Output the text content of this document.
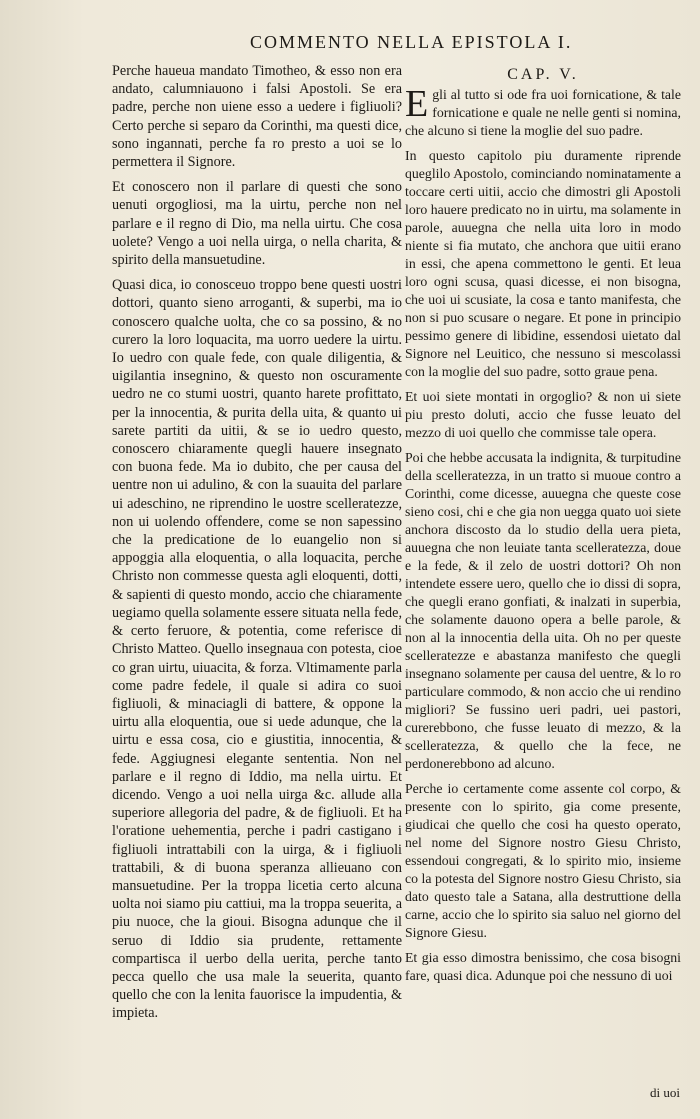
COMMENTO NELLA EPISTOLA I.

Perche haueua mandato Timotheo, & esso non era andato, calumniauono i falsi Apostoli. Se era padre, perche non uiene esso a uedere i figliuoli? Certo perche si separo da Corinthi, ma questi dice, sono ingannati, perche fa ro presto a uoi se lo permettera il Signore.

Et conoscero non il parlare di questi che sono uenuti orgogliosi, ma la uirtu, perche non nel parlare e il regno di Dio, ma nella uirtu. Che cosa uolete? Vengo a uoi nella uirga, o nella charita, & spirito della mansuetudine.

Quasi dica, io conosceuo troppo bene questi uostri dottori, quanto sieno arroganti, & superbi, ma io conoscero qualche uolta, che co sa possino, & no curero la loro loquacita, ma uorro uedere la uirtu. Io uedro con quale fede, con quale diligentia, & uigilantia insegnino, & questo non oscuramente uedro ne co stumi uostri, quanto harete profittato, per la innocentia, & purita della uita, & quanto ui sarete partiti da uitii, & se io uedro questo, conoscero chiaramente quegli hauere insegnato con buona fede. Ma io dubito, che per causa del uentre non ui adulino, & con la suauita del parlare ui adeschino, ne riprendino le uostre scelleratezze, non ui uolendo offendere, come se non sapessino che la predicatione de lo euangelio non si appoggia alla eloquentia, o alla loquacita, perche Christo non commesse questa agli eloquenti, dotti, & sapienti di questo mondo, accio che chiaramente uegiamo quella solamente essere situata nella fede, & certo feruore, & potentia, come referisce di Christo Matteo. Quello insegnaua con potesta, cioe co gran uirtu, uiuacita, & forza. Vltimamente parla come padre fedele, il quale si adira co suoi figliuoli, & minaciagli di battere, & oppone la uirtu alla eloquentia, oue si uede adunque, che la uirtu e essa cosa, cio e giustitia, innocentia, & fede. Aggiugnesi elegante sententia. Non nel parlare e il regno di Iddio, ma nella uirtu. Et dicendo. Vengo a uoi nella uirga &c. allude alla superiore allegoria del padre, & de figliuoli. Et ha l'oratione uehementia, perche i padri castigano i figliuoli intrattabili con la uirga, & i figliuoli trattabili, & di buona speranza allieuano con mansuetudine. Per la troppa licetia certo alcuna uolta noi siamo piu cattiui, ma la troppa seuerita, a piu nuoce, che la gioui. Bisogna adunque che il seruo di Iddio sia prudente, rettamente compartisca il uerbo della uerita, perche tanto pecca quello che usa male la seuerita, quanto quello che con la lenita fauorisce la impudentia, & impieta.

CAP. V.

Egli al tutto si ode fra uoi fornicatione, & tale fornicatione e quale ne nelle genti si nomina, che alcuno si tiene la moglie del suo padre.

In questo capitolo piu duramente riprende queglilo Apostolo, cominciando nominatamente a toccare certi uitii, accio che dimostri gli Apostoli loro hauere predicato no in uirtu, ma solamente in parole, auuegna che nella uita loro in modo niente si fia mutato, che anchora que uitii erano in essi, che apena commettono le genti. Et leua loro ogni scusa, quasi dicesse, ei non bisogna, che uoi ui scusiate, la cosa e tanto manifesta, che non si puo scusare o negare. Et pone in principio pessimo genere di libidine, essendosi uietato dal Signore nel Leuitico, che nessuno si mescolassi con la moglie del suo padre, sotto graue pena.

Et uoi siete montati in orgoglio? & non ui siete piu presto doluti, accio che fusse leuato del mezzo di uoi quello che commisse tale opera.

Poi che hebbe accusata la indignita, & turpitudine della scelleratezza, in un tratto si muoue contro a Corinthi, come dicesse, auuegna che queste cose sieno cosi, chi e che gia non uegga quato uoi siete anchora discosto da lo studio della uera pieta, auuegna che non leuiate tanta scelleratezza, doue e la fede, & il zelo de uostri dottori? Oh non intendete essere uero, quello che io dissi di sopra, che quegli erano gonfiati, & inalzati in superbia, che solamente dauono opera a belle parole, & non al la innocentia della uita. Oh no per queste scelleratezze e abastanza manifesto che quegli insegnano solamente per causa del uentre, & lo ro particulare commodo, & non accio che ui rendino migliori? Se fussino ueri padri, uei pastori, curerebbono, che fusse leuato di mezzo, & la scelleratezza, & quello che la fece, ne perdonerebbono ad alcuno.

Perche io certamente come assente col corpo, & presente con lo spirito, gia come presente, giudicai che quello che cosi ha questo operato, nel nome del Signore nostro Giesu Christo, essendoui congregati, & lo spirito mio, insieme co la potesta del Signore nostro Giesu Christo, sia dato questo tale a Satana, alla destruttione della carne, accio che lo spirito sia saluo nel giorno del Signore Giesu.

Et gia esso dimostra benissimo, che cosa bisogni fare, quasi dica. Adunque poi che nessuno di uoi

di uoi
